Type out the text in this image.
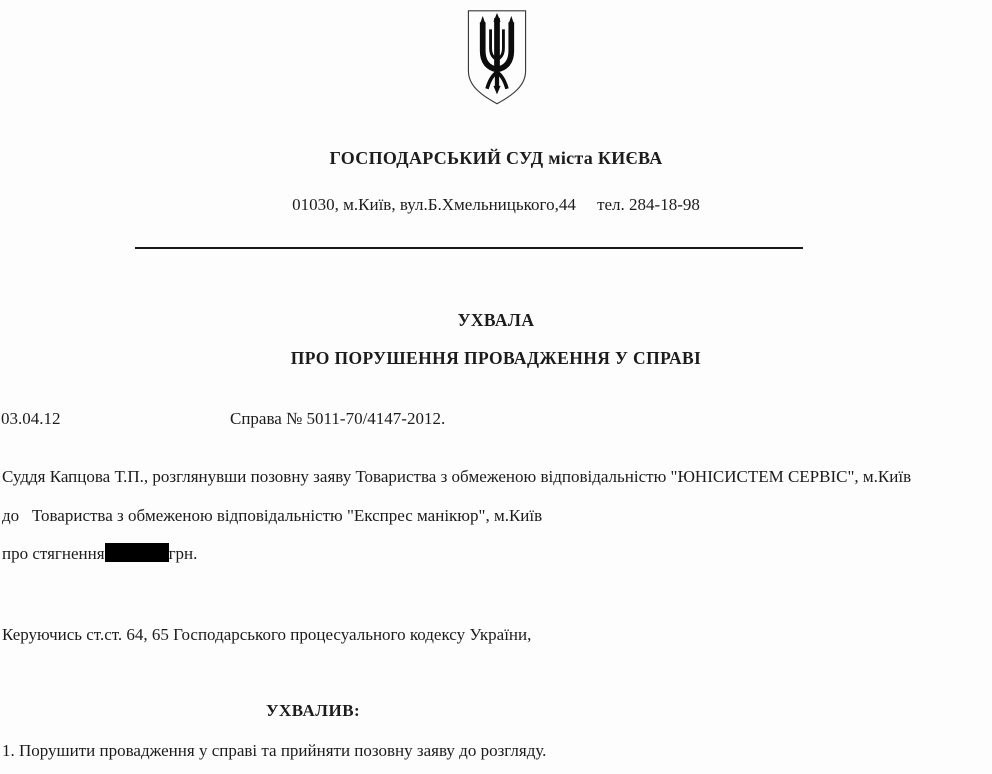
ГОСПОДАРСЬКИЙ СУД міста КИЄВА
01030, м.Київ, вул.Б.Хмельницького,44     тел. 284-18-98
УХВАЛА
ПРО ПОРУШЕННЯ ПРОВАДЖЕННЯ У СПРАВІ
03.04.12	Справа № 5011-70/4147-2012.
Суддя Капцова Т.П., розглянувши позовну заяву Товариства з обмеженою відповідальністю "ЮНІСИСТЕМ СЕРВІС", м.Київ
до   Товариства з обмеженою відповідальністю "Експрес манікюр", м.Київ
про стягнення	грн.
Керуючись ст.ст. 64, 65 Господарського процесуального кодексу України,
УХВАЛИВ:
1. Порушити провадження у справі та прийняти позовну заяву до розгляду.
